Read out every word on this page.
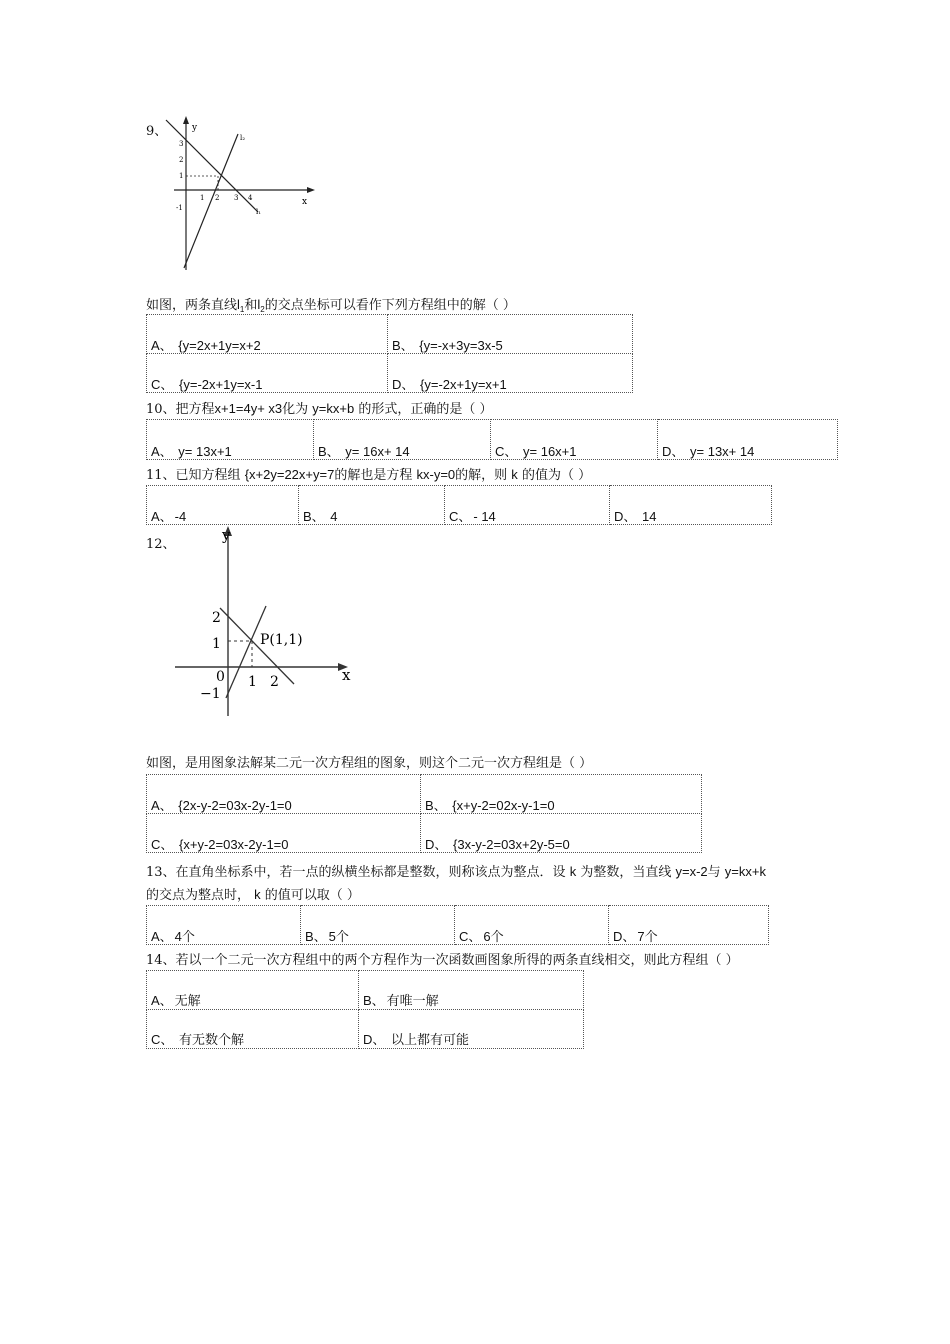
9、	y
x
l₂
l₁
3
2
1
-1
1 2 3 4
如图，两条直线$l_1$和$l_2$的交点坐标可以看作下列方程组中的解（ ）
A、 {y=2x+1y=x+2	B、 {y=-x+3y=3x-5
C、 {y=-2x+1y=x-1	D、 {y=-2x+1y=x+1
10、把方程x+1=4y+ x3化为 y=kx+b 的形式，正确的是（ ）
A、 y= 13x+1	B、 y= 16x+ 14	C、 y= 16x+1	D、 y= 13x+ 14
11、已知方程组 {x+2y=22x+y=7的解也是方程 kx-y=0的解，则 k 的值为（ ）
A、 -4	B、 4	C、 - 14	D、 14
12、
y
x
P(1,1)
2
1
0
−1
1 2
如图，是用图象法解某二元一次方程组的图象，则这个二元一次方程组是（ ）
A、 {2x-y-2=03x-2y-1=0	B、 {x+y-2=02x-y-1=0
C、 {x+y-2=03x-2y-1=0	D、 {3x-y-2=03x+2y-5=0
13、在直角坐标系中，若一点的纵横坐标都是整数，则称该点为整点．设 k 为整数，当直线 y=x-2与 y=kx+k
的交点为整点时， k 的值可以取（ ）
A、 4个	B、 5个	C、 6个	D、 7个
14、若以一个二元一次方程组中的两个方程作为一次函数画图象所得的两条直线相交，则此方程组（ ）
A、 无解	B、 有唯一解
C、 有无数个解	D、 以上都有可能
